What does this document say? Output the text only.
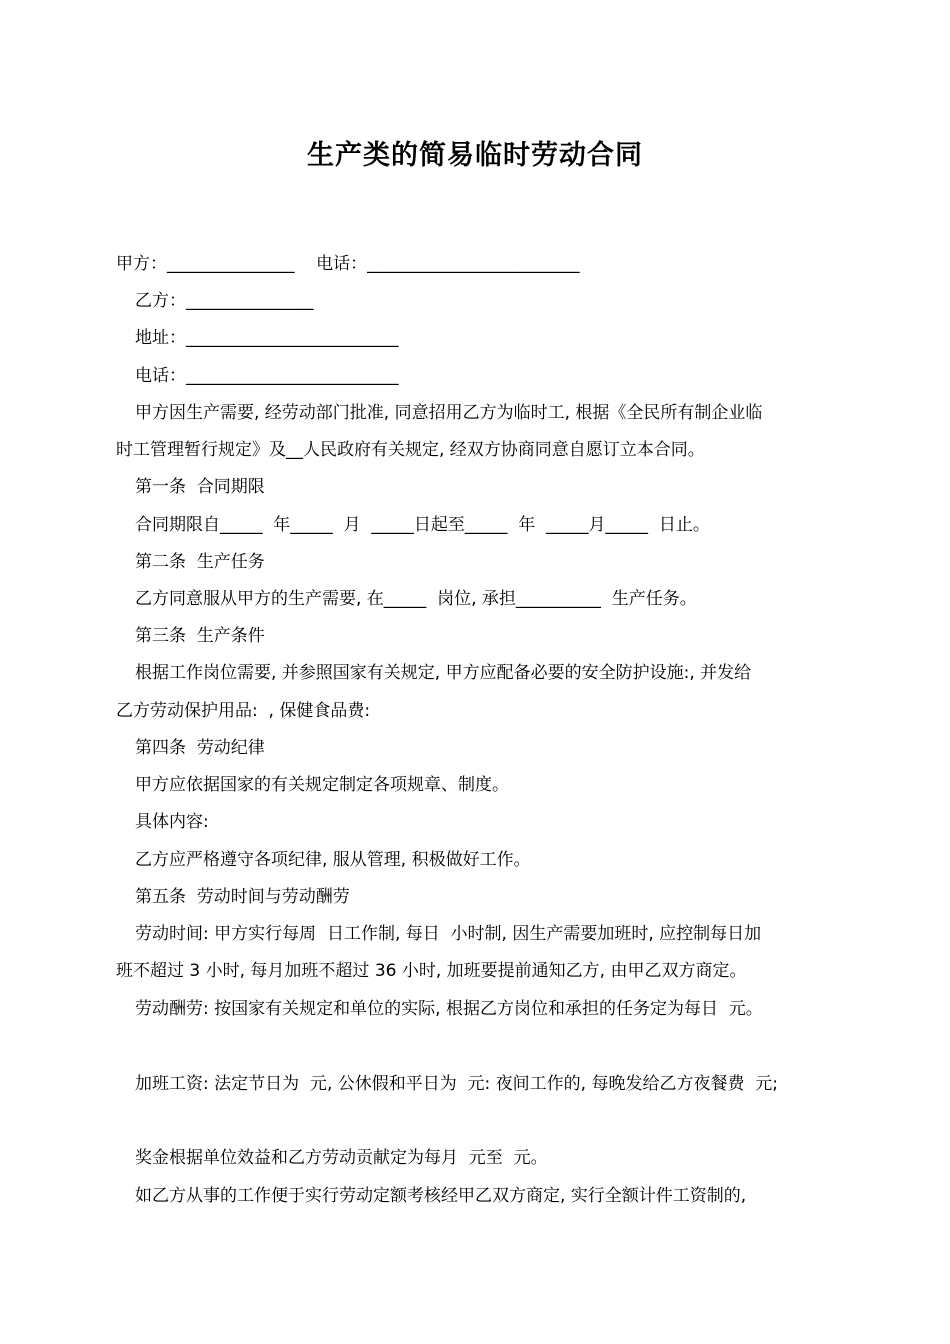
生产类的简易临时劳动合同

甲方：_______________    电话：_________________________

乙方：_______________

地址：_________________________

电话：_________________________

甲方因生产需要, 经劳动部门批准, 同意招用乙方为临时工, 根据《全民所有制企业临

时工管理暂行规定》及__人民政府有关规定, 经双方协商同意自愿订立本合同。

第一条  合同期限

合同期限自_____  年_____  月  _____日起至_____  年  _____月_____  日止。

第二条  生产任务

乙方同意服从甲方的生产需要, 在_____  岗位, 承担__________  生产任务。

第三条  生产条件

根据工作岗位需要, 并参照国家有关规定, 甲方应配备必要的安全防护设施:, 并发给

乙方劳动保护用品:  , 保健食品费:

第四条  劳动纪律

甲方应依据国家的有关规定制定各项规章、制度。

具体内容:

乙方应严格遵守各项纪律, 服从管理, 积极做好工作。

第五条  劳动时间与劳动酬劳

劳动时间: 甲方实行每周  日工作制, 每日  小时制, 因生产需要加班时, 应控制每日加

班不超过 3 小时, 每月加班不超过 36 小时, 加班要提前通知乙方, 由甲乙双方商定。

劳动酬劳: 按国家有关规定和单位的实际, 根据乙方岗位和承担的任务定为每日  元。

加班工资: 法定节日为  元, 公休假和平日为  元: 夜间工作的, 每晚发给乙方夜餐费  元;

奖金根据单位效益和乙方劳动贡献定为每月  元至  元。

如乙方从事的工作便于实行劳动定额考核经甲乙双方商定, 实行全额计件工资制的,
